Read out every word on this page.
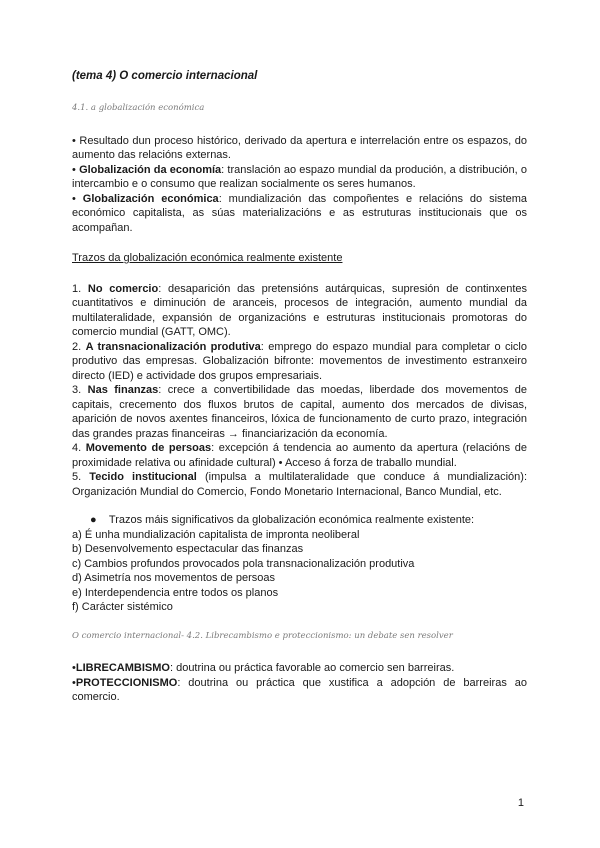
(tema 4) O comercio internacional

4.1. a globalización económica

• Resultado dun proceso histórico, derivado da apertura e interrelación entre os espazos, do aumento das relacións externas.

• Globalización da economía: translación ao espazo mundial da produción, a distribución, o intercambio e o consumo que realizan socialmente os seres humanos.

• Globalización económica: mundialización das compoñentes e relacións do sistema económico capitalista, as súas materializacións e as estruturas institucionais que os acompañan.

Trazos da globalización económica realmente existente

1. No comercio: desaparición das pretensións autárquicas, supresión de continxentes cuantitativos e diminución de aranceis, procesos de integración, aumento mundial da multilateralidade, expansión de organizacións e estruturas institucionais promotoras do comercio mundial (GATT, OMC).

2. A transnacionalización produtiva: emprego do espazo mundial para completar o ciclo produtivo das empresas. Globalización bifronte: movementos de investimento estranxeiro directo (IED) e actividade dos grupos empresariais.

3. Nas finanzas: crece a convertibilidade das moedas, liberdade dos movementos de capitais, crecemento dos fluxos brutos de capital, aumento dos mercados de divisas, aparición de novos axentes financeiros, lóxica de funcionamento de curto prazo, integración das grandes prazas financeiras → financiarización da economía.

4. Movemento de persoas: excepción á tendencia ao aumento da apertura (relacións de proximidade relativa ou afinidade cultural) • Acceso á forza de traballo mundial.

5. Tecido institucional (impulsa a multilateralidade que conduce á mundialización): Organización Mundial do Comercio, Fondo Monetario Internacional, Banco Mundial, etc.

● Trazos máis significativos da globalización económica realmente existente:

a) É unha mundialización capitalista de impronta neoliberal

b) Desenvolvemento espectacular das finanzas

c) Cambios profundos provocados pola transnacionalización produtiva

d) Asimetría nos movementos de persoas

e) Interdependencia entre todos os planos

f) Carácter sistémico

O comercio internacional- 4.2. Librecambismo e proteccionismo: un debate sen resolver

•LIBRECAMBISMO: doutrina ou práctica favorable ao comercio sen barreiras.

•PROTECCIONISMO: doutrina ou práctica que xustifica a adopción de barreiras ao comercio.

1
